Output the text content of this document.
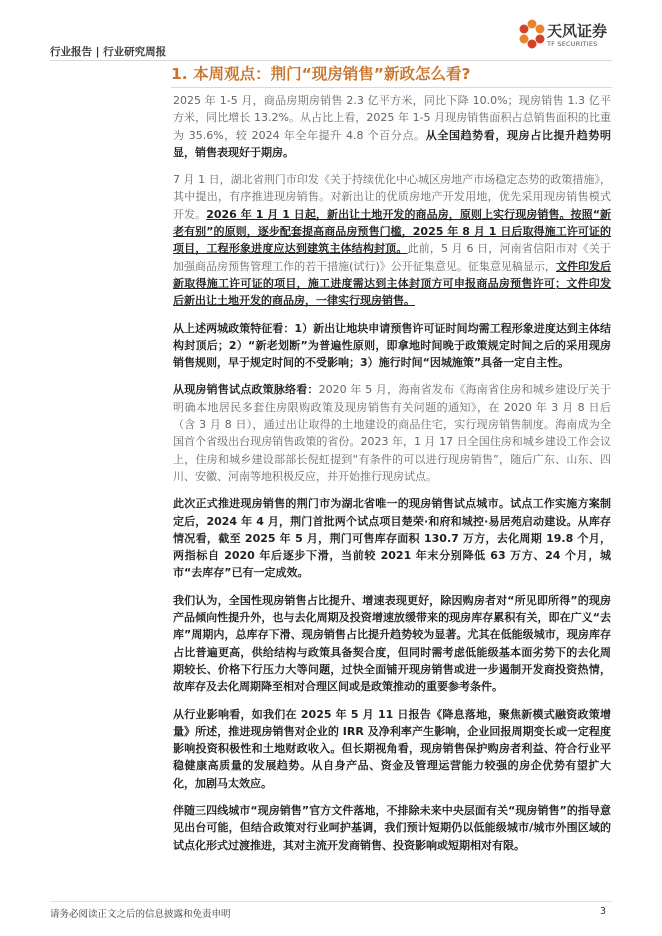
行业报告 | 行业研究周报
天风证券
TF SECURITIES
1. 本周观点：荆门“现房销售”新政怎么看?

2025 年 1-5 月，商品房期房销售 2.3 亿平方米，同比下降 10.0%；现房销售 1.3 亿平方米，同比增长 13.2%。从占比上看，2025 年 1-5 月现房销售面积占总销售面积的比重为 35.6%，较 2024 年全年提升 4.8 个百分点。从全国趋势看，现房占比提升趋势明显，销售表现好于期房。

7 月 1 日，湖北省荆门市印发《关于持续优化中心城区房地产市场稳定态势的政策措施》，其中提出，有序推进现房销售。对新出让的优质房地产开发用地，优先采用现房销售模式开发。2026 年 1 月 1 日起，新出让土地开发的商品房，原则上实行现房销售。按照“新老有别”的原则，逐步配套提高商品房预售门槛，2025 年 8 月 1 日后取得施工许可证的项目，工程形象进度应达到建筑主体结构封顶。此前，5 月 6 日，河南省信阳市对《关于加强商品房预售管理工作的若干措施(试行)》公开征集意见。征集意见稿显示，文件印发后新取得施工许可证的项目，施工进度需达到主体封顶方可申报商品房预售许可；文件印发后新出让土地开发的商品房，一律实行现房销售。

从上述两城政策特征看：1）新出让地块申请预售许可证时间均需工程形象进度达到主体结构封顶后；2）“新老划断”为普遍性原则，即拿地时间晚于政策规定时间之后的采用现房销售规则，早于规定时间的不受影响；3）施行时间“因城施策”具备一定自主性。

从现房销售试点政策脉络看：2020 年 5 月，海南省发布《海南省住房和城乡建设厅关于明确本地居民多套住房限购政策及现房销售有关问题的通知》，在 2020 年 3 月 8 日后（含 3 月 8 日），通过出让取得的土地建设的商品住宅，实行现房销售制度。海南成为全国首个省级出台现房销售政策的省份。2023 年，1 月 17 日全国住房和城乡建设工作会议上，住房和城乡建设部部长倪虹提到“有条件的可以进行现房销售”，随后广东、山东、四川、安徽、河南等地积极反应，并开始推行现房试点。

此次正式推进现房销售的荆门市为湖北省唯一的现房销售试点城市。试点工作实施方案制定后，2024 年 4 月，荆门首批两个试点项目楚荣·和府和城控·易居苑启动建设。从库存情况看，截至 2025 年 5 月，荆门可售库存面积 130.7 万方，去化周期 19.8 个月，两指标自 2020 年后逐步下滑，当前较 2021 年末分别降低 63 万方、24 个月，城市“去库存”已有一定成效。

我们认为，全国性现房销售占比提升、增速表现更好，除因购房者对“所见即所得”的现房产品倾向性提升外，也与去化周期及投资增速放缓带来的现房库存累积有关，即在广义“去库”周期内，总库存下滑、现房销售占比提升趋势较为显著。尤其在低能级城市，现房库存占比普遍更高，供给结构与政策具备契合度，但同时需考虑低能级基本面劣势下的去化周期较长、价格下行压力大等问题，过快全面铺开现房销售或进一步遏制开发商投资热情，故库存及去化周期降至相对合理区间或是政策推动的重要参考条件。

从行业影响看，如我们在 2025 年 5 月 11 日报告《降息落地，聚焦新模式融资政策增量》所述，推进现房销售对企业的 IRR 及净利率产生影响，企业回报周期变长或一定程度影响投资积极性和土地财政收入。但长期视角看，现房销售保护购房者利益、符合行业平稳健康高质量的发展趋势。从自身产品、资金及管理运营能力较强的房企优势有望扩大化，加剧马太效应。

伴随三四线城市“现房销售”官方文件落地，不排除未来中央层面有关“现房销售”的指导意见出台可能，但结合政策对行业呵护基调，我们预计短期仍以低能级城市/城市外围区域的试点化形式过渡推进，其对主流开发商销售、投资影响或短期相对有限。

请务必阅读正文之后的信息披露和免责申明	3
